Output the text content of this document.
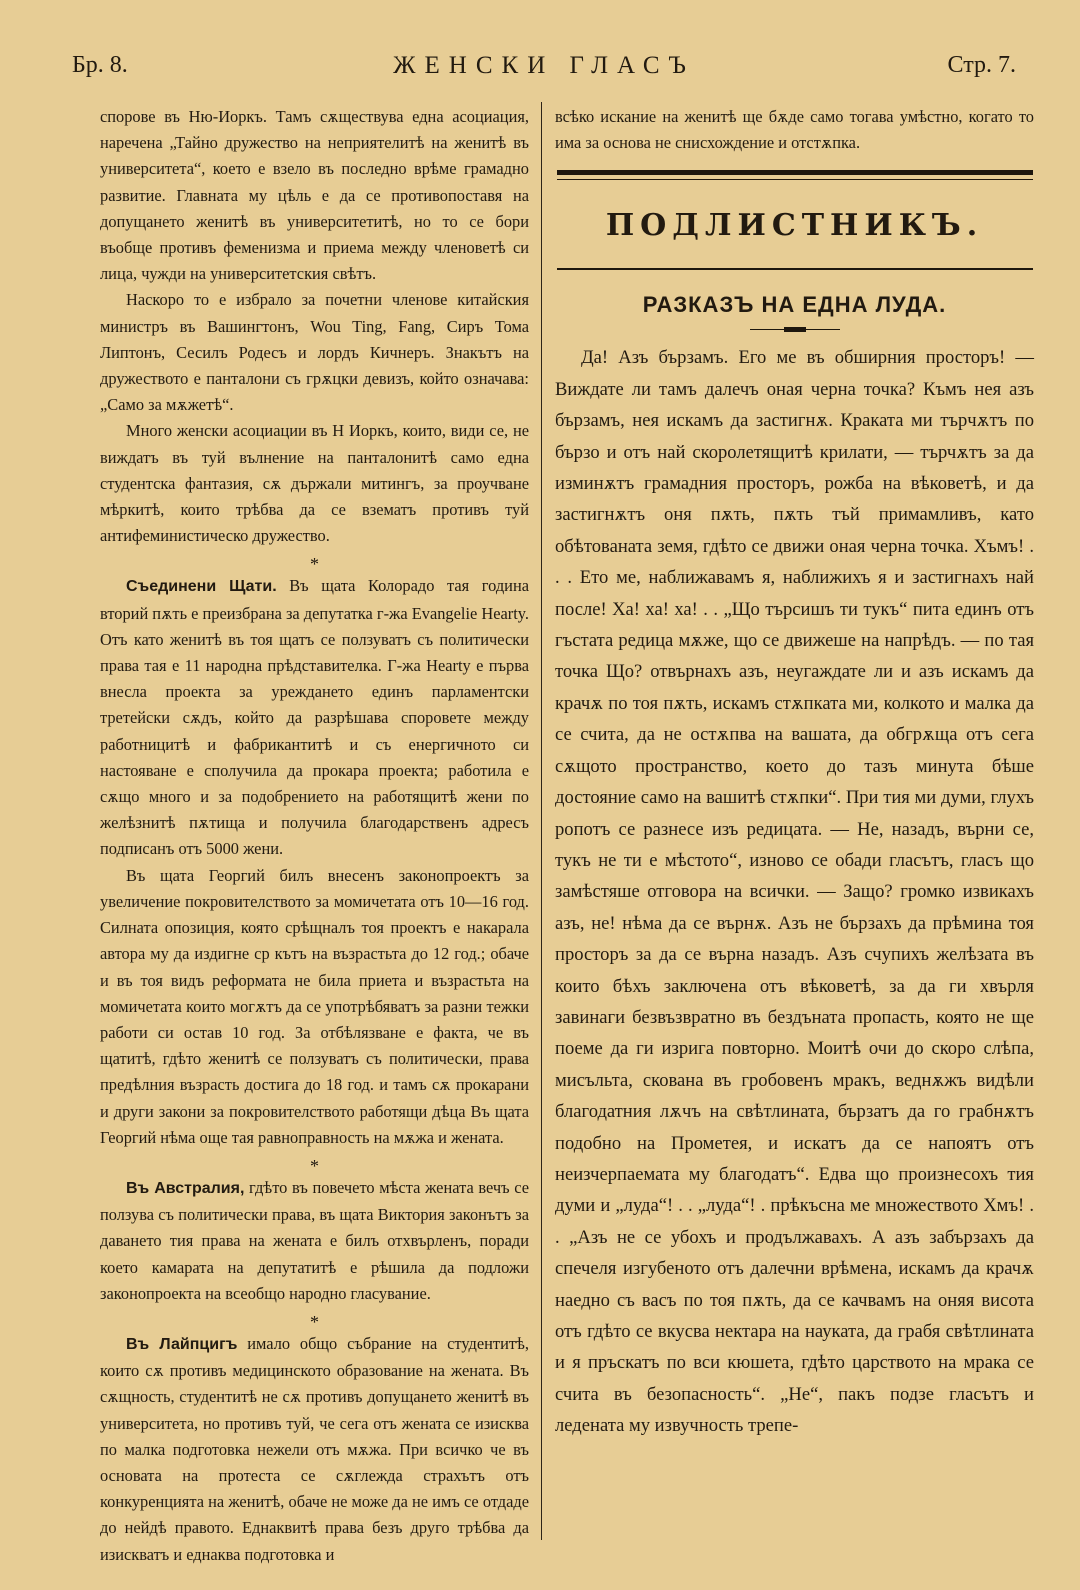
Бр. 8.	ЖЕНСКИ ГЛАСЪ	Стр. 7.

спорове въ Ню-Иоркъ. Тамъ сѫществува една асоциация, наречена „Тайно дружество на неприятелитѣ на женитѣ въ университета“, което е взело въ последно врѣме грамадно развитие. Главната му цѣль е да се противопоставя на допущането женитѣ въ университетитѣ, но то се бори въобще противъ феменизма и приема между членоветѣ си лица, чужди на университетския свѣтъ.

Наскоро то е избрало за почетни членове китайския министръ въ Вашингтонъ, Wou Ting, Fang, Сиръ Тома Липтонъ, Сесилъ Родесъ и лордъ Кичнеръ. Знакътъ на дружеството е панталони съ грѫцки девизъ, който означава: „Само за мѫжетѣ“.

Много женски асоциации въ Н Иоркъ, които, види се, не виждатъ въ туй вълнение на панталонитѣ само една студентска фантазия, сѫ държали митингъ, за проучване мѣркитѣ, които трѣбва да се взематъ противъ туй антифеминистическо дружество.

*

Съединени Щати. Въ щата Колорадо тая година вторий пѫть е преизбрана за депутатка г-жа Evangelie Hearty. Отъ като женитѣ въ тоя щатъ се ползуватъ съ политически права тая е 11 народна прѣдставителка. Г-жа Hearty е първа внесла проекта за уреждането единъ парламентски третейски сѫдъ, който да разрѣшава споровете между работницитѣ и фабрикантитѣ и съ енергичното си настояване е сполучила да прокара проекта; работила е сѫщо много и за подобрението на работящитѣ жени по желѣзнитѣ пѫтища и получила благодарственъ адресъ подписанъ отъ 5000 жени.

Въ щата Георгий билъ внесенъ законопроектъ за увеличение покровителството за момичетата отъ 10—16 год. Силната опозиция, която срѣщналъ тоя проектъ е накарала автора му да издигне ср кътъ на възрастьта до 12 год.; обаче и въ тоя видъ реформата не била приета и възрастьта на момичетата които могѫтъ да се употрѣбяватъ за разни тежки работи си остав 10 год. За отбѣлязване е факта, че въ щатитѣ, гдѣто женитѣ се ползуватъ съ политически, права предѣлния възрасть достига до 18 год. и тамъ сѫ прокарани и други закони за покровителството работящи дѣца Въ щата Георгий нѣма още тая равноправность на мѫжа и жената.

*

Въ Австралия, гдѣто въ повечето мѣста жената вечъ се ползува съ политически права, въ щата Виктория законътъ за даването тия права на жената е билъ отхвърленъ, поради което камарата на депутатитѣ е рѣшила да подложи законопроекта на всеобщо народно гласувание.

*

Въ Лайпцигъ имало общо събрание на студентитѣ, които сѫ противъ медицинското образование на жената. Въ сѫщность, студентитѣ не сѫ противъ допущането женитѣ въ университета, но противъ туй, че сега отъ жената се изисква по малка подготовка нежели отъ мѫжа. При всичко че въ основата на протеста се сѫглежда страхътъ отъ конкуренцията на женитѣ, обаче не може да не имъ се отдаде до нейдѣ правото. Еднаквитѣ права безъ друго трѣбва да изискватъ и еднаква подготовка и

всѣко искание на женитѣ ще бѫде само тогава умѣстно, когато то има за основа не снисхождение и отстѫпка.

ПОДЛИСТНИКЪ.
РАЗКАЗЪ НА ЕДНА ЛУДА.

Да! Азъ бързамъ. Его ме въ обширния просторъ! — Виждате ли тамъ далечъ оная черна точка? Къмъ нея азъ бързамъ, нея искамъ да застигнѫ. Краката ми тъpчѫтъ по бързо и отъ най скоролетящитѣ крилати, — търчѫтъ за да изминѫтъ грамадния просторъ, рожба на вѣковетѣ, и да застигнѫтъ оня пѫть, пѫть тъй примамливъ, като обѣтованата земя, гдѣто се движи оная черна точка. Хъмъ! . . . Ето ме, наближавамъ я, наближихъ я и застигнахъ най после! Ха! ха! ха! . . „Що търсишъ ти тукъ“ пита единъ отъ гъстата редица мѫже, що се движеше на напрѣдъ. — по тая точка Що? отвърнахъ азъ, неугаждате ли и азъ искамъ да крачѫ по тоя пѫть, искамъ стѫпката ми, колкото и малка да се счита, да не остѫпва на вашата, да обгрѫща отъ сега сѫщото пространство, което до тазъ минута бѣше достояние само на вашитѣ стѫпки“. При тия ми думи, глухъ ропотъ се разнесе изъ редицата. — Не, назадъ, върни се, тукъ не ти е мѣстото“, изново се обади гласътъ, гласъ що замѣстяше отговора на всички. — Защо? громко извикахъ азъ, не! нѣма да се върнѫ. Азъ не бързахъ да прѣмина тоя просторъ за да се върна назадъ. Азъ счупихъ желѣзата въ които бѣхъ заключена отъ вѣковетѣ, за да ги хвърля завинаги безвъзвратно въ бездъната пропасть, която не ще поеме да ги изрига повторно. Моитѣ очи до скоро слѣпа, мисъльта, скована въ гробовенъ мракъ, веднѫжъ видѣли благодатния лѫчъ на свѣтлината, бързатъ да го грабнѫтъ подобно на Прометея, и искатъ да се напоятъ отъ неизчерпаемата му благодатъ“. Едва що произнесохъ тия думи и „луда“! . . „луда“! . прѣкъсна ме множеството Хмъ! . . „Азъ не се убохъ и продължавахъ. А азъ забързахъ да спечеля изгубеното отъ далечни врѣмена, искамъ да крачѫ наедно съ васъ по тоя пѫть, да се качвамъ на оняя висота отъ гдѣто се вкусва нектара на науката, да грабя свѣтлината и я пръскатъ по вси кюшета, гдѣто царството на мрака се счита въ безопасность“. „Не“, пакъ подзе гласътъ и ледената му извучность трепе-
